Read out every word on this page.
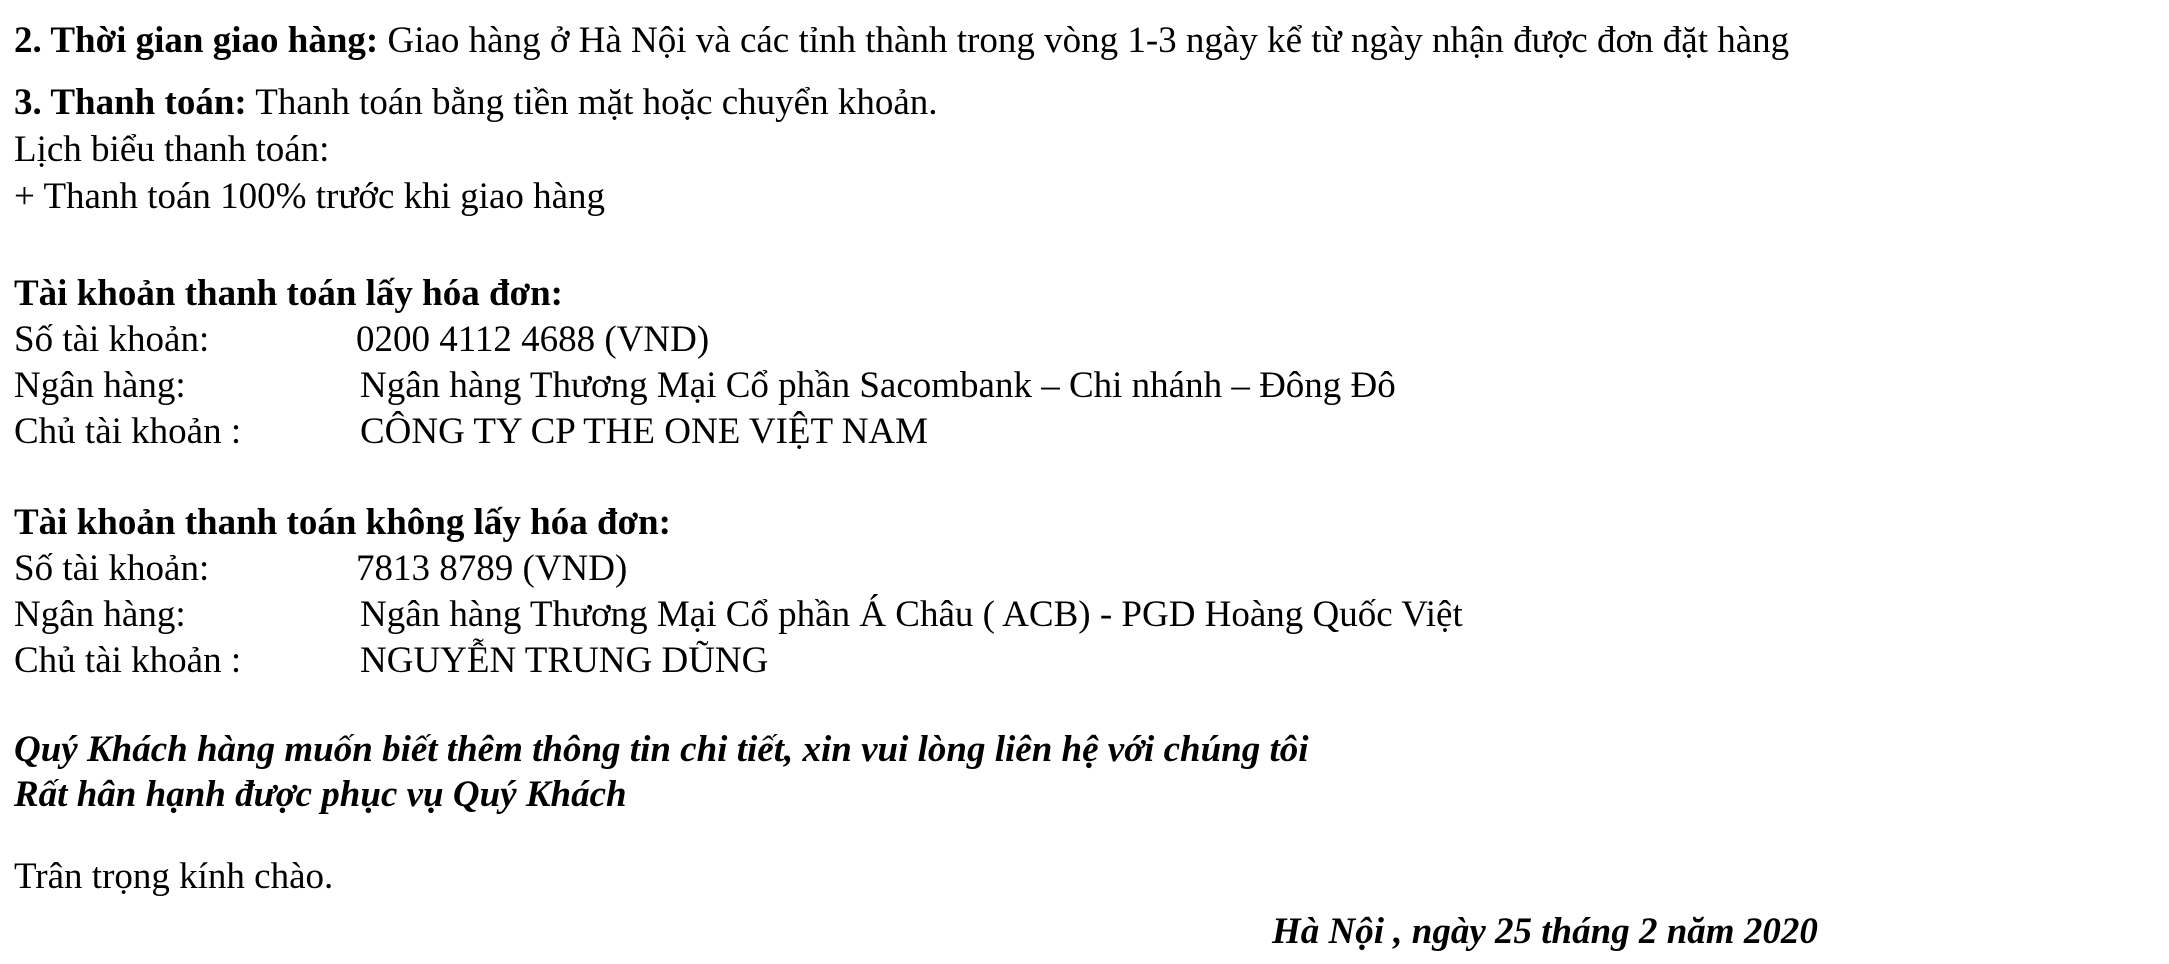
2. Thời gian giao hàng: Giao hàng ở Hà Nội và các tỉnh thành trong vòng 1-3 ngày kể từ ngày nhận được đơn đặt hàng
3. Thanh toán: Thanh toán bằng tiền mặt hoặc chuyển khoản.
Lịch biểu thanh toán:
+ Thanh toán 100% trước khi giao hàng
Tài khoản thanh toán lấy hóa đơn:
Số tài khoản:	0200 4112 4688 (VND)
Ngân hàng:	Ngân hàng Thương Mại Cổ phần Sacombank – Chi nhánh – Đông Đô
Chủ tài khoản :	CÔNG TY CP THE ONE VIỆT NAM
Tài khoản thanh toán không lấy hóa đơn:
Số tài khoản:	7813 8789 (VND)
Ngân hàng:	Ngân hàng Thương Mại Cổ phần Á Châu ( ACB) - PGD Hoàng Quốc Việt
Chủ tài khoản :	NGUYỄN TRUNG DŨNG
Quý Khách hàng muốn biết thêm thông tin chi tiết, xin vui lòng liên hệ với chúng tôi
Rất hân hạnh được phục vụ Quý Khách
Trân trọng kính chào.
Hà Nội , ngày 25 tháng 2 năm 2020
